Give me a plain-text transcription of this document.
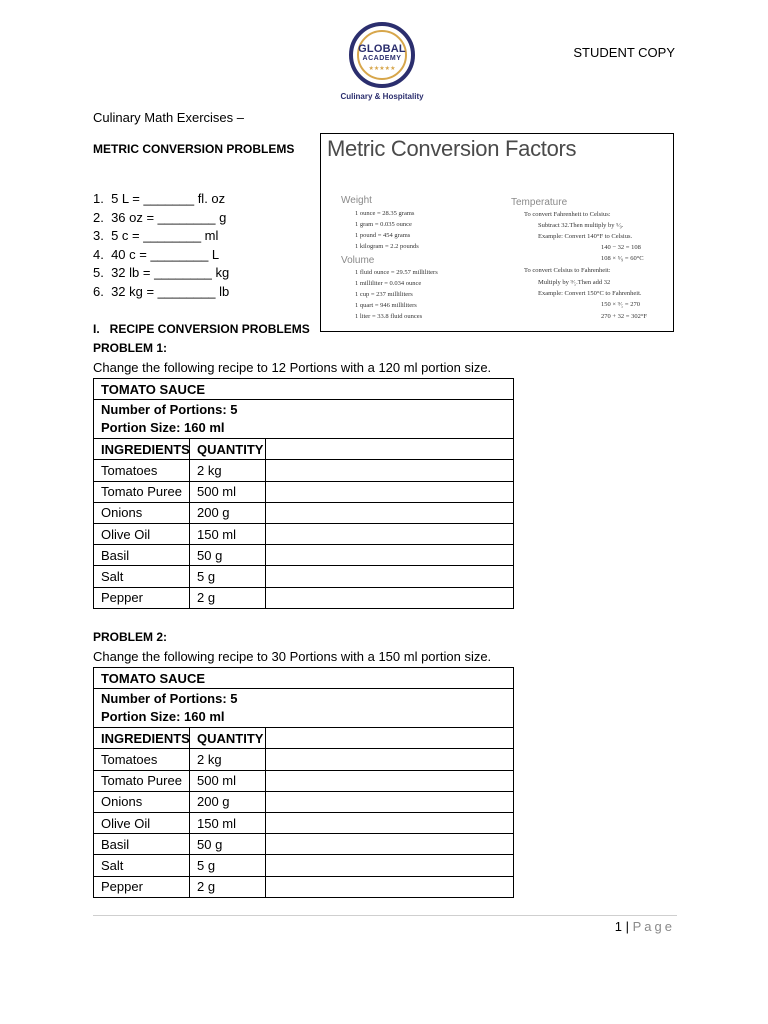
GLOBAL
ACADEMY
★★★★★
Culinary & Hospitality
STUDENT COPY
Culinary Math Exercises –
METRIC CONVERSION PROBLEMS
1.  5 L = _______ fl. oz
2.  36 oz = ________ g
3.  5 c = ________ ml
4.  40 c = ________ L
5.  32 lb = ________ kg
6.  32 kg = ________ lb
Metric Conversion Factors
Weight
1 ounce = 28.35 grams
1 gram = 0.035 ounce
1 pound = 454 grams
1 kilogram = 2.2 pounds
Volume
1 fluid ounce = 29.57 milliliters
1 milliliter = 0.034 ounce
1 cup = 237 milliliters
1 quart = 946 milliliters
1 liter = 33.8 fluid ounces
Temperature
To convert Fahrenheit to Celsius:
Subtract 32.Then multiply by ⁵⁄₉.
Example: Convert 140°F to Celsius.
140 − 32 = 108
108 × ⁵⁄₉ = 60°C
To convert Celsius to Fahrenheit:
Multiply by ⁹⁄₅.Then add 32
Example: Convert 150°C to Fahrenheit.
150 × ⁹⁄₅ = 270
270 + 32 = 302°F
I.   RECIPE CONVERSION PROBLEMS
PROBLEM 1:
Change the following recipe to 12 Portions with a 120 ml portion size.
TOMATO SAUCE		

Number of Portions: 5
Portion Size: 160 ml		

INGREDIENTS	QUANTITY	
Tomatoes	2 kg	
Tomato Puree	500 ml	
Onions	200 g	
Olive Oil	150 ml	
Basil	50 g	
Salt	5 g	
Pepper	2 g	
PROBLEM 2:
Change the following recipe to 30 Portions with a 150 ml portion size.
TOMATO SAUCE		

Number of Portions: 5
Portion Size: 160 ml		

INGREDIENTS	QUANTITY	
Tomatoes	2 kg	
Tomato Puree	500 ml	
Onions	200 g	
Olive Oil	150 ml	
Basil	50 g	
Salt	5 g	
Pepper	2 g	
1 | Page
